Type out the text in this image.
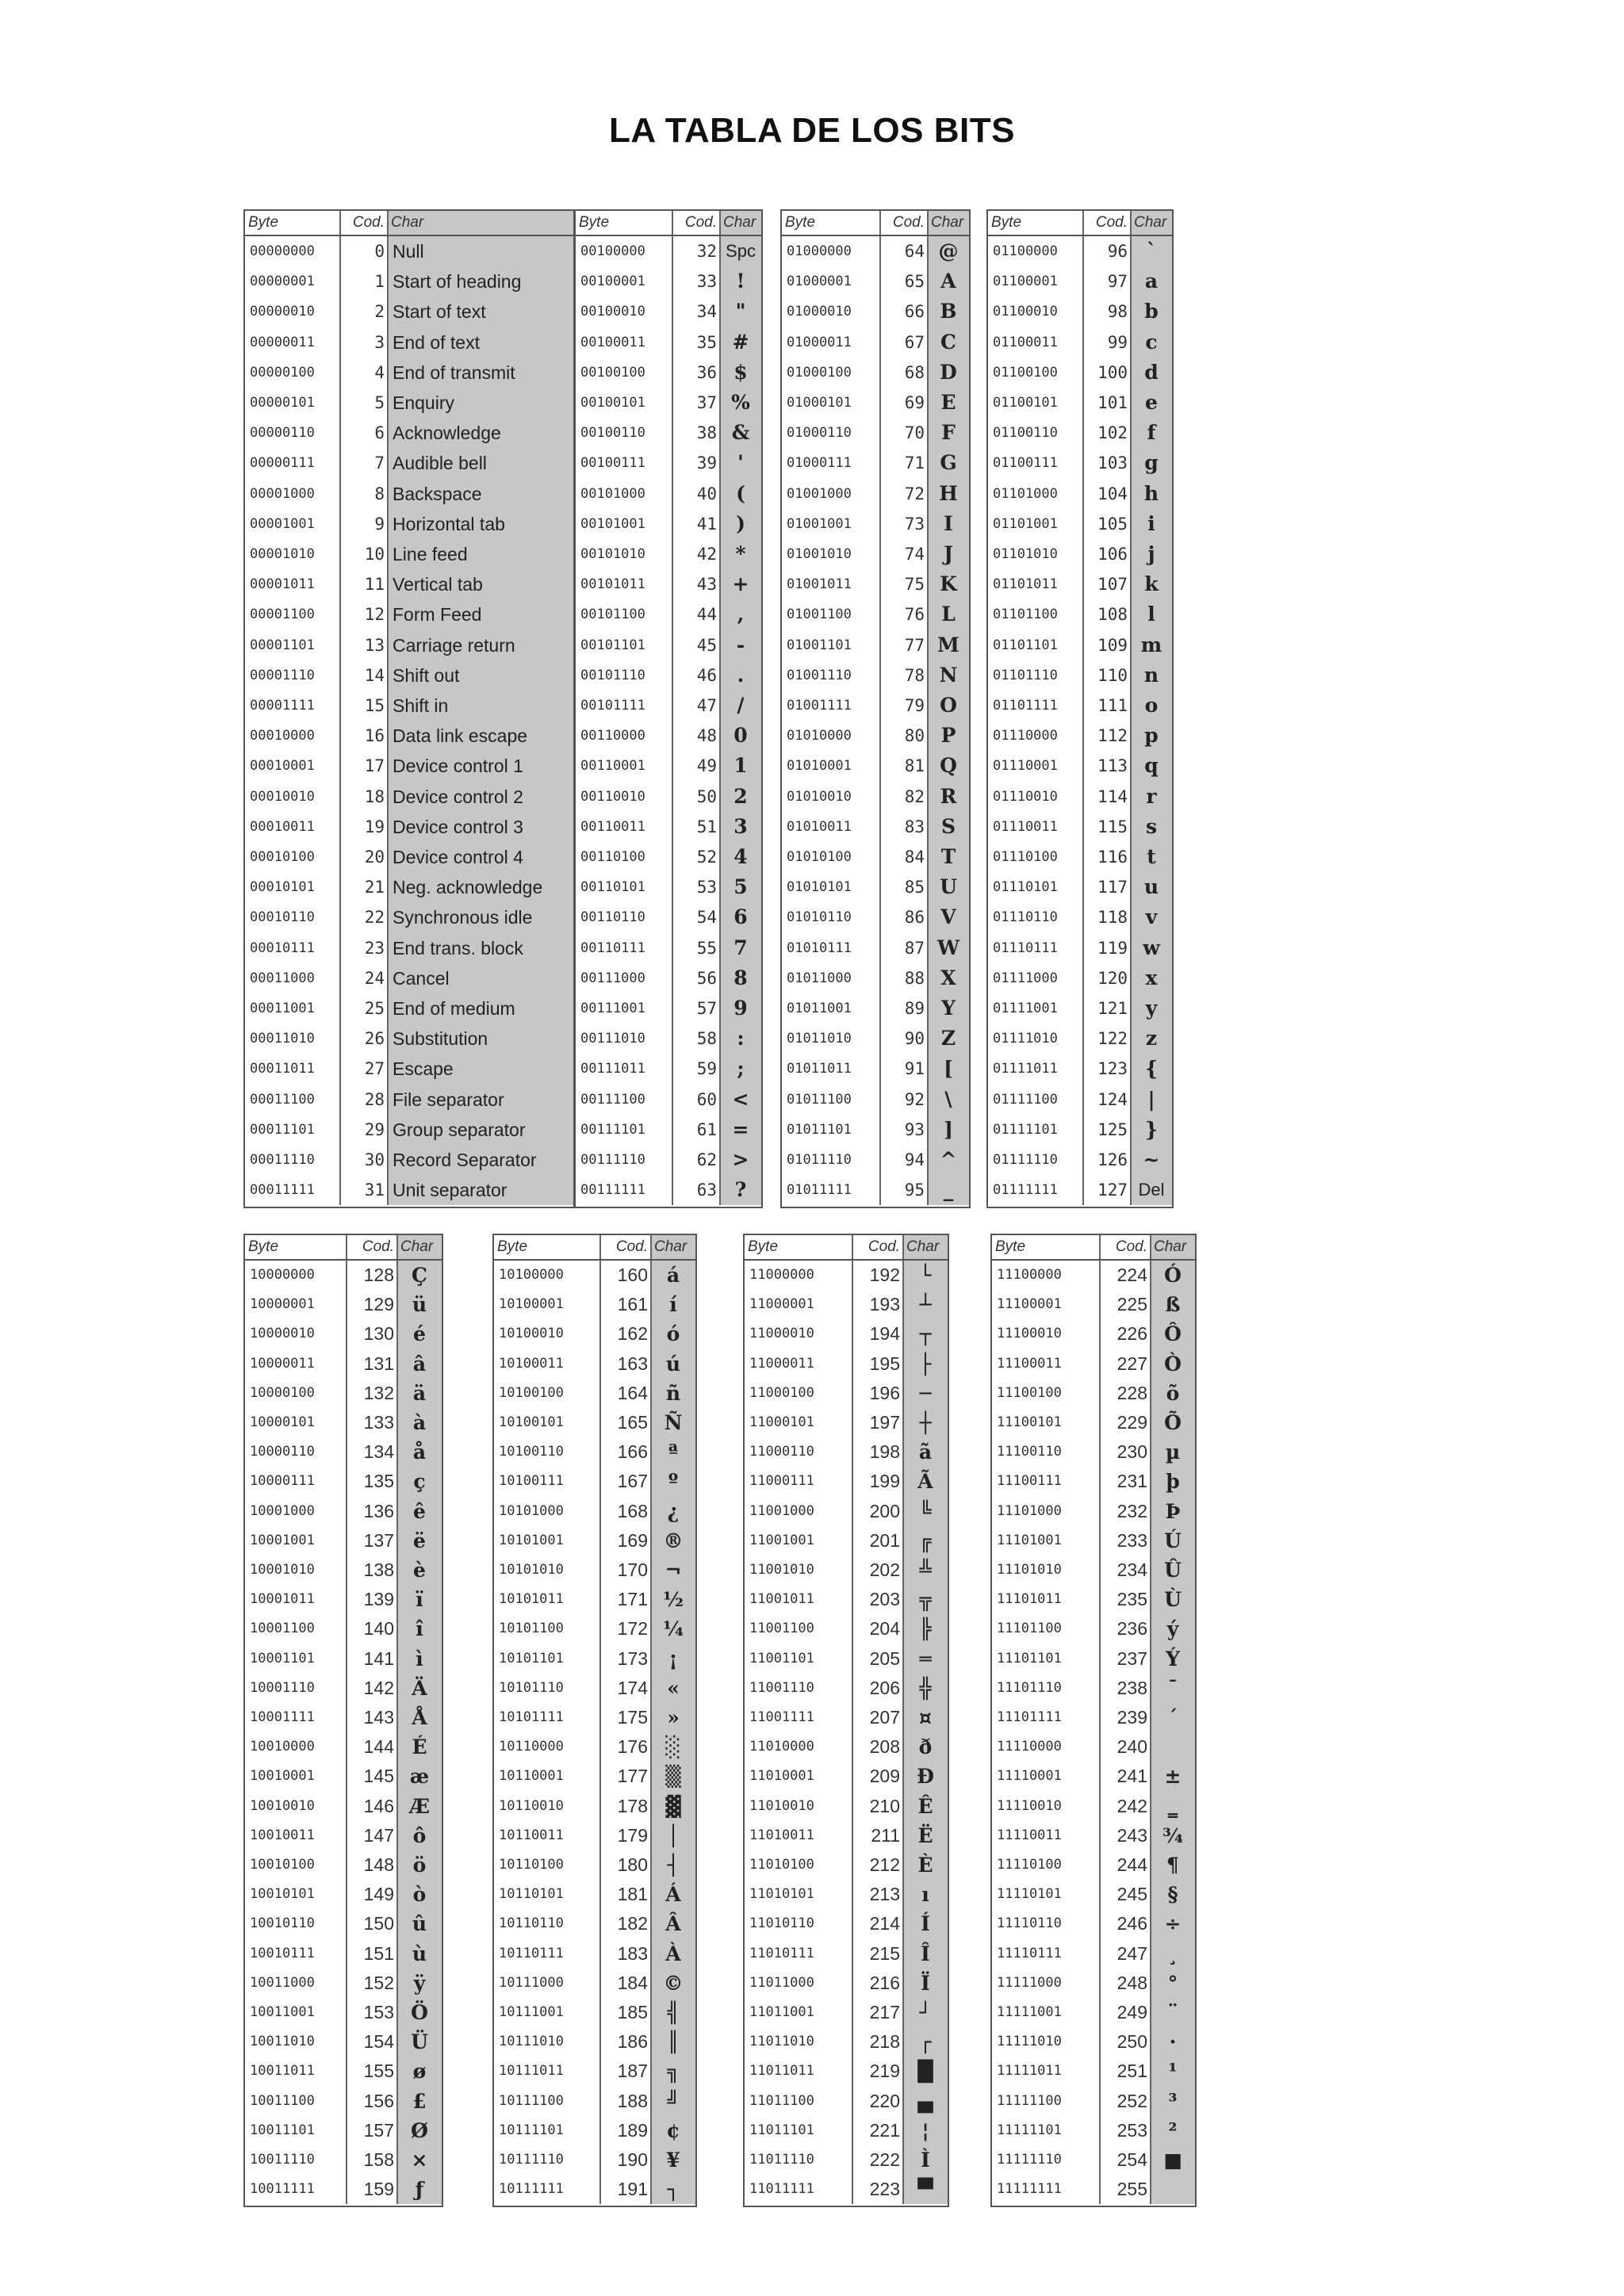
LA TABLA DE LOS BITS
Byte	Cod. Char
00000000	0 Null
00000001	1 Start of heading
00000010	2 Start of text
00000011	3 End of text
00000100	4 End of transmit
00000101	5 Enquiry
00000110	6 Acknowledge
00000111	7 Audible bell
00001000	8 Backspace
00001001	9 Horizontal tab
00001010	10 Line feed
00001011	11 Vertical tab
00001100	12 Form Feed
00001101	13 Carriage return
00001110	14 Shift out
00001111	15 Shift in
00010000	16 Data link escape
00010001	17 Device control 1
00010010	18 Device control 2
00010011	19 Device control 3
00010100	20 Device control 4
00010101	21 Neg. acknowledge
00010110	22 Synchronous idle
00010111	23 End trans. block
00011000	24 Cancel
00011001	25 End of medium
00011010	26 Substitution
00011011	27 Escape
00011100	28 File separator
00011101	29 Group separator
00011110	30 Record Separator
00011111	31 Unit separator
Byte	Cod. Char
00100000	32 Spc
00100001	33 !
00100010	34 "
00100011	35 #
00100100	36 $
00100101	37 %
00100110	38 &
00100111	39	'
00101000	40 (
00101001	41 )
00101010	42 *
00101011	43 +
00101100	44	,
00101101	45 -
00101110	46	.
00101111	47	/
00110000	48 0
00110001	49 1
00110010	50 2
00110011	51 3
00110100	52 4
00110101	53 5
00110110	54 6
00110111	55 7
00111000	56 8
00111001	57 9
00111010	58	:
00111011	59	;
00111100	60 <
00111101	61 =
00111110	62 >
00111111	63 ?
Byte	Cod. Char
01000000	64 @
01000001	65 A
01000010	66 B
01000011	67 C
01000100	68 D
01000101	69 E
01000110	70 F
01000111	71 G
01001000	72 H
01001001	73 I
01001010	74 J
01001011	75 K
01001100	76 L
01001101	77 M
01001110	78 N
01001111	79 O
01010000	80 P
01010001	81 Q
01010010	82 R
01010011	83 S
01010100	84 T
01010101	85 U
01010110	86 V
01010111	87 W
01011000	88 X
01011001	89 Y
01011010	90 Z
01011011	91 [
01011100	92	\
01011101	93 ]
01011110	94 ^
01011111	95 _
Byte	Cod. Char
01100000	96 `
01100001	97 a
01100010	98 b
01100011	99 c
01100100	100 d
01100101	101 e
01100110	102 f
01100111	103 g
01101000	104 h
01101001	105	i
01101010	106	j
01101011	107 k
01101100	108	l
01101101	109 m
01101110	110 n
01101111	111 o
01110000	112 p
01110001	113 q
01110010	114 r
01110011	115 s
01110100	116 t
01110101	117 u
01110110	118 v
01110111	119 w
01111000	120 x
01111001	121 y
01111010	122 z
01111011	123 {
01111100	124	|
01111101	125 }
01111110	126 ~
01111111	127 Del
Byte	Cod. Char
10000000	128 Ç
10000001	129 ü
10000010	130 é
10000011	131 â
10000100	132 ä
10000101	133 à
10000110	134 å
10000111	135 ç
10001000	136 ê
10001001	137 ë
10001010	138 è
10001011	139	ï
10001100	140	î
10001101	141	ì
10001110	142 Ä
10001111	143 Å
10010000	144 É
10010001	145 æ
10010010	146 Æ
10010011	147 ô
10010100	148 ö
10010101	149 ò
10010110	150 û
10010111	151 ù
10011000	152 ÿ
10011001	153 Ö
10011010	154 Ü
10011011	155 ø
10011100	156 £
10011101	157 Ø
10011110	158 ×
10011111	159	ƒ
Byte	Cod. Char
10100000	160 á
10100001	161	í
10100010	162 ó
10100011	163 ú
10100100	164 ñ
10100101	165 Ñ
10100110	166	ª
10100111	167	º
10101000	168 ¿
10101001	169 ®
10101010	170 ¬
10101011	171 ½
10101100	172 ¼
10101101	173	¡
10101110	174 «
10101111	175 »
10110000	176 ░
10110001	177 ▒
10110010	178 ▓
10110011	179 │
10110100	180 ┤
10110101	181 Á
10110110	182 Â
10110111	183 À
10111000	184 ©
10111001	185 ╣
10111010	186 ║
10111011	187 ╗
10111100	188 ╝
10111101	189 ¢
10111110	190 ¥
10111111	191 ┐
Byte	Cod. Char
11000000	192 └
11000001	193 ┴
11000010	194 ┬
11000011	195 ├
11000100	196 ─
11000101	197 ┼
11000110	198 ã
11000111	199 Ã
11001000	200 ╚
11001001	201 ╔
11001010	202 ╩
11001011	203 ╦
11001100	204 ╠
11001101	205 ═
11001110	206 ╬
11001111	207 ¤
11010000	208 ð
11010001	209 Ð
11010010	210 Ê
11010011	211 Ë
11010100	212 È
11010101	213	ı
11010110	214	Í
11010111	215	Î
11011000	216	Ï
11011001	217 ┘
11011010	218 ┌
11011011	219 █
11011100	220 ▄
11011101	221	¦
11011110	222	Ì
11011111	223 ▀
Byte	Cod. Char
11100000	224 Ó
11100001	225 ß
11100010	226 Ô
11100011	227 Ò
11100100	228 õ
11100101	229 Õ
11100110	230 µ
11100111	231 þ
11101000	232 Þ
11101001	233 Ú
11101010	234 Û
11101011	235 Ù
11101100	236 ý
11101101	237 Ý
11101110	238	¯
11101111	239	´
11110000	240
11110001	241 ±
11110010	242	‗
11110011	243 ¾
11110100	244 ¶
11110101	245	§
11110110	246 ÷
11110111	247	¸
11111000	248	°
11111001	249	¨
11111010	250	·
11111011	251	¹
11111100	252	³
11111101	253	²
11111110	254 ■
11111111	255
